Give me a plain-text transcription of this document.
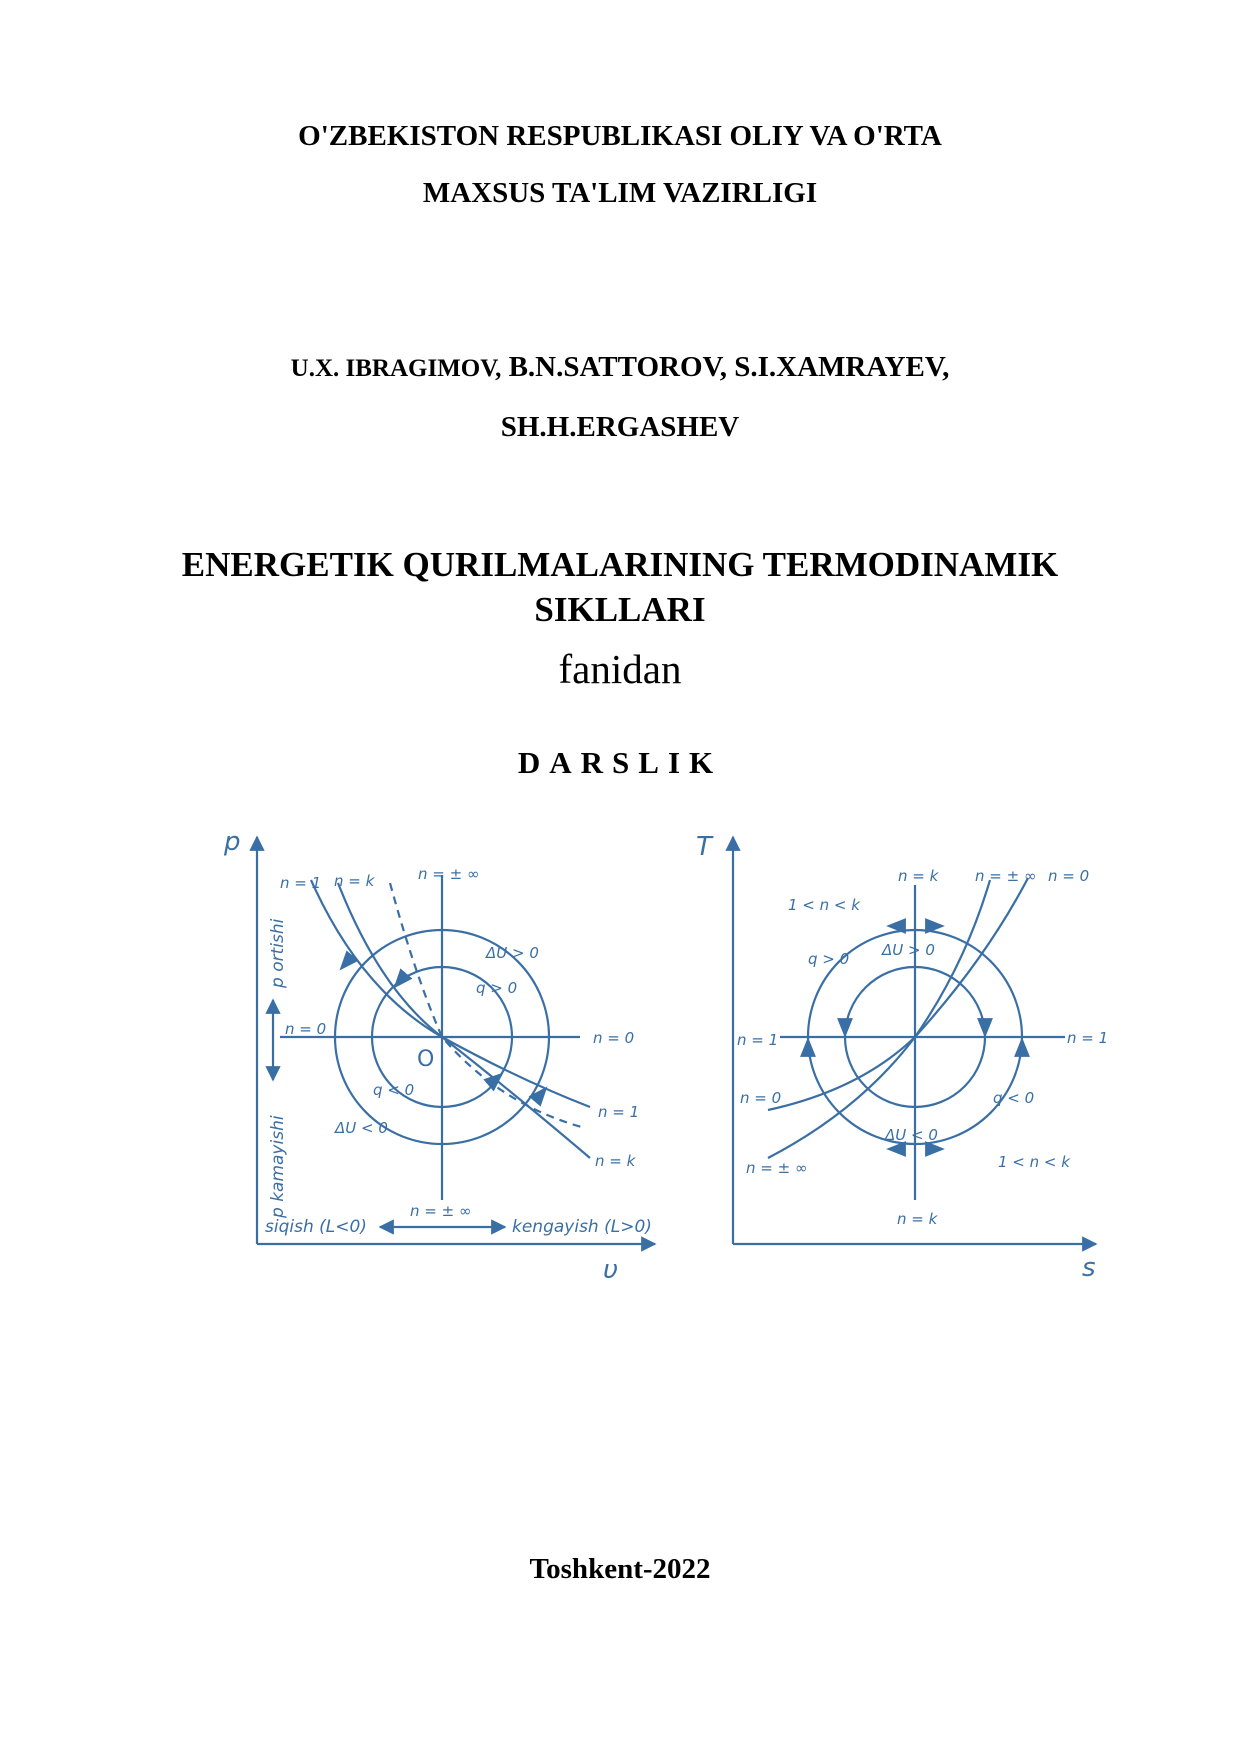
O'ZBEKISTON RESPUBLIKASI OLIY VA O'RTA
MAXSUS TA'LIM VAZIRLIGI
U.X. IBRAGIMOV, B.N.SATTOROV, S.I.XAMRAYEV,
SH.H.ERGASHEV
ENERGETIK QURILMALARINING TERMODINAMIK
SIKLLARI
fanidan
DARSLIK
p
υ
O
n = 1 n = k	n = ± ∞
n = 0	n = 0
n = 1
n = k
n = ± ∞
ΔU > 0
q > 0
q < 0
ΔU < 0
p ortishi
p kamayishi
siqish (L<0)	kengayish (L>0)
T
s
n = k n = ± ∞ n = 0
1 < n < k
q > 0 ΔU > 0
n = 1	n = 1
n = 0	q < 0
ΔU < 0
n = ± ∞	1 < n < k
n = k
Toshkent-2022
